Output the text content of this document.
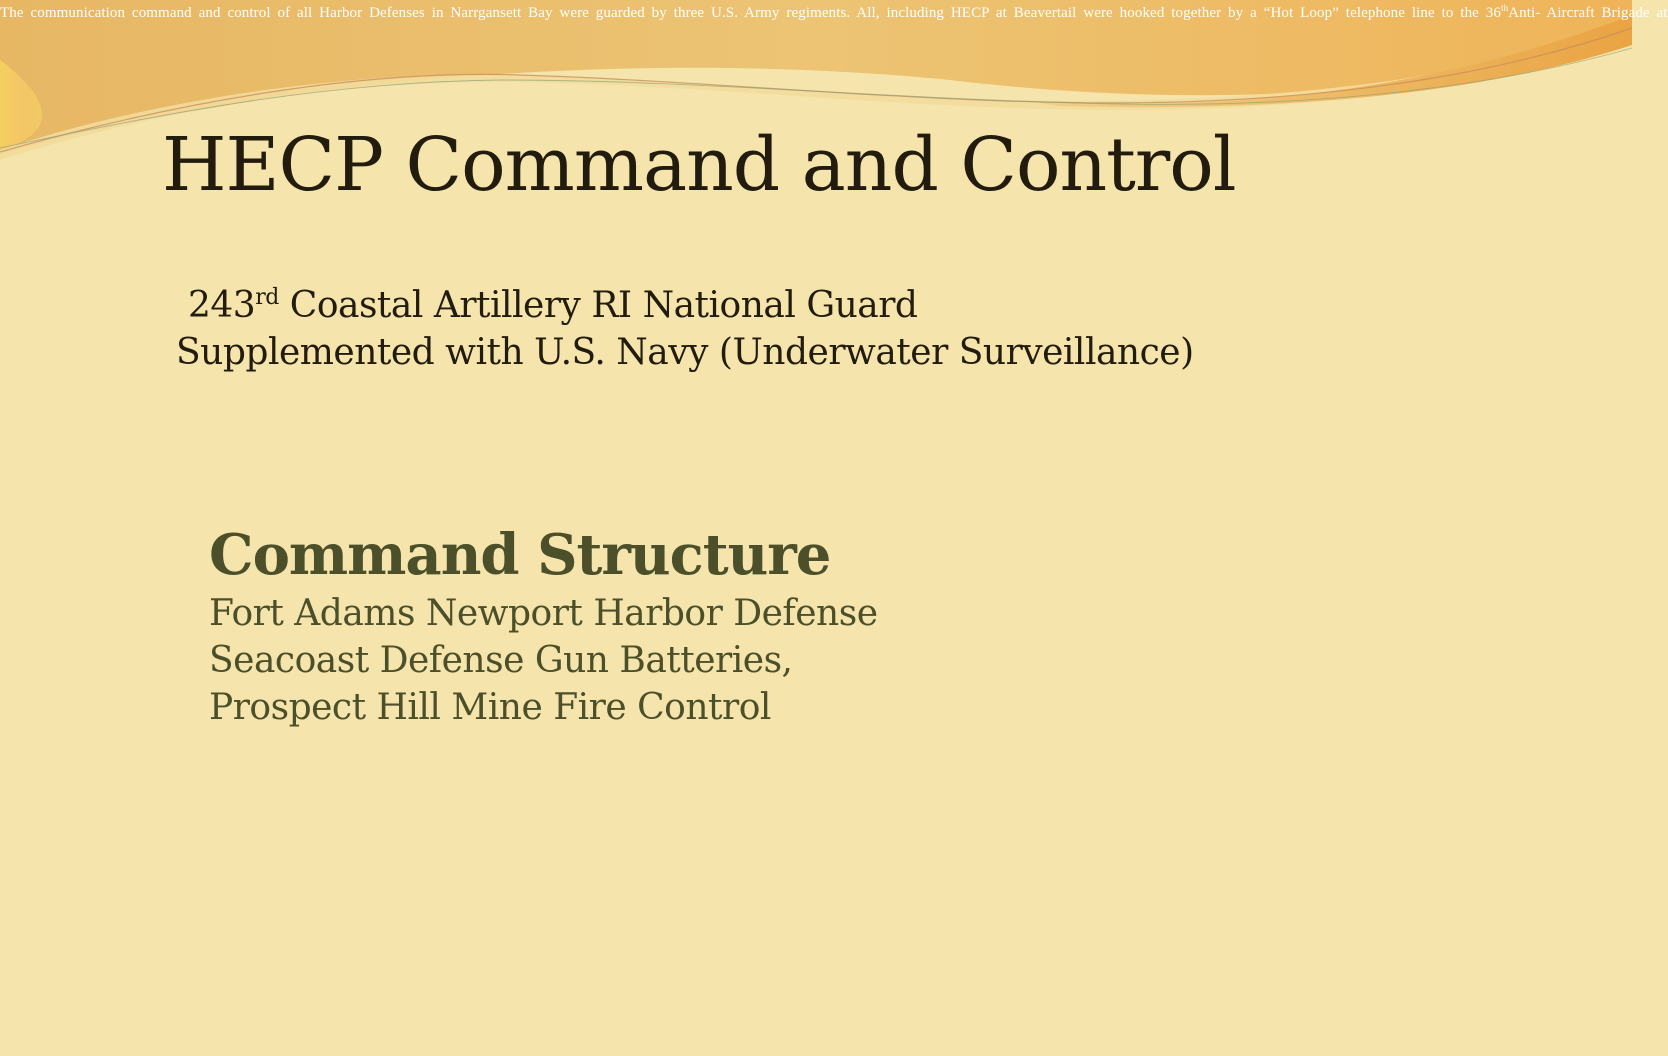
The communication command and control of all Harbor Defenses in Narrgansett Bay were guarded by three U.S. Army regiments. All, including HECP at Beavertail were hooked together by a “Hot Loop” telephone line to the 36thAnti- Aircraft Brigade at
HECP Command and Control
243rd Coastal Artillery RI National Guard
Supplemented with U.S. Navy (Underwater Surveillance)
Command Structure
Fort Adams Newport Harbor Defense
Seacoast Defense Gun Batteries,
Prospect Hill Mine Fire Control
